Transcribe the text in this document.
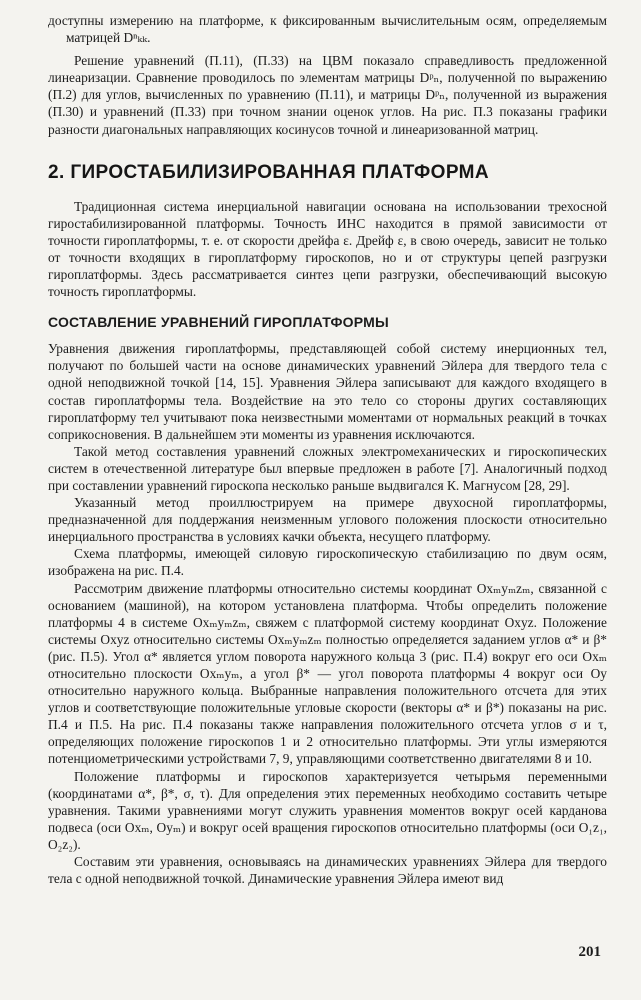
доступны измерению на платформе, к фиксированным вычислительным осям, определяемым матрицей Dⁿₖₖ.

Решение уравнений (П.11), (П.33) на ЦВМ показало справедливость предложенной линеаризации. Сравнение проводилось по элементам матрицы Dᵖₙ, полученной по выражению (П.2) для углов, вычисленных по уравнению (П.11), и матрицы Dᵖₙ, полученной из выражения (П.30) и уравнений (П.33) при точном знании оценок углов. На рис. П.3 показаны графики разности диагональных направляющих косинусов точной и линеаризованной матриц.

2. ГИРОСТАБИЛИЗИРОВАННАЯ ПЛАТФОРМА

Традиционная система инерциальной навигации основана на использовании трехосной гиростабилизированной платформы. Точность ИНС находится в прямой зависимости от точности гироплатформы, т. е. от скорости дрейфа ε. Дрейф ε, в свою очередь, зависит не только от точности входящих в гироплатформу гироскопов, но и от структуры цепей разгрузки гироплатформы. Здесь рассматривается синтез цепи разгрузки, обеспечивающий высокую точность гироплатформы.

СОСТАВЛЕНИЕ УРАВНЕНИЙ ГИРОПЛАТФОРМЫ

Уравнения движения гироплатформы, представляющей собой систему инерционных тел, получают по большей части на основе динамических уравнений Эйлера для твердого тела с одной неподвижной точкой [14, 15]. Уравнения Эйлера записывают для каждого входящего в состав гироплатформы тела. Воздействие на это тело со стороны других составляющих гироплатформу тел учитывают пока неизвестными моментами от нормальных реакций в точках соприкосновения. В дальнейшем эти моменты из уравнения исключаются.

Такой метод составления уравнений сложных электромеханических и гироскопических систем в отечественной литературе был впервые предложен в работе [7]. Аналогичный подход при составлении уравнений гироскопа несколько раньше выдвигался К. Магнусом [28, 29].

Указанный метод проиллюстрируем на примере двухосной гироплатформы, предназначенной для поддержания неизменным углового положения плоскости относительно инерциального пространства в условиях качки объекта, несущего платформу.

Схема платформы, имеющей силовую гироскопическую стабилизацию по двум осям, изображена на рис. П.4.

Рассмотрим движение платформы относительно системы координат Oxₘyₘzₘ, связанной с основанием (машиной), на котором установлена платформа. Чтобы определить положение платформы 4 в системе Oxₘyₘzₘ, свяжем с платформой систему координат Oxyz. Положение системы Oxyz относительно системы Oxₘyₘzₘ полностью определяется заданием углов α* и β* (рис. П.5). Угол α* является углом поворота наружного кольца 3 (рис. П.4) вокруг его оси Oxₘ относительно плоскости Oxₘyₘ, а угол β* — угол поворота платформы 4 вокруг оси Oy относительно наружного кольца. Выбранные направления положительного отсчета для этих углов и соответствующие положительные угловые скорости (векторы α* и β*) показаны на рис. П.4 и П.5. На рис. П.4 показаны также направления положительного отсчета углов σ и τ, определяющих положение гироскопов 1 и 2 относительно платформы. Эти углы измеряются потенциометрическими устройствами 7, 9, управляющими соответственно двигателями 8 и 10.

Положение платформы и гироскопов характеризуется четырьмя переменными (координатами α*, β*, σ, τ). Для определения этих переменных необходимо составить четыре уравнения. Такими уравнениями могут служить уравнения моментов вокруг осей карданова подвеса (оси Oxₘ, Oyₘ) и вокруг осей вращения гироскопов относительно платформы (оси O₁z₁, O₂z₂).

Составим эти уравнения, основываясь на динамических уравнениях Эйлера для твердого тела с одной неподвижной точкой. Динамические уравнения Эйлера имеют вид

201
